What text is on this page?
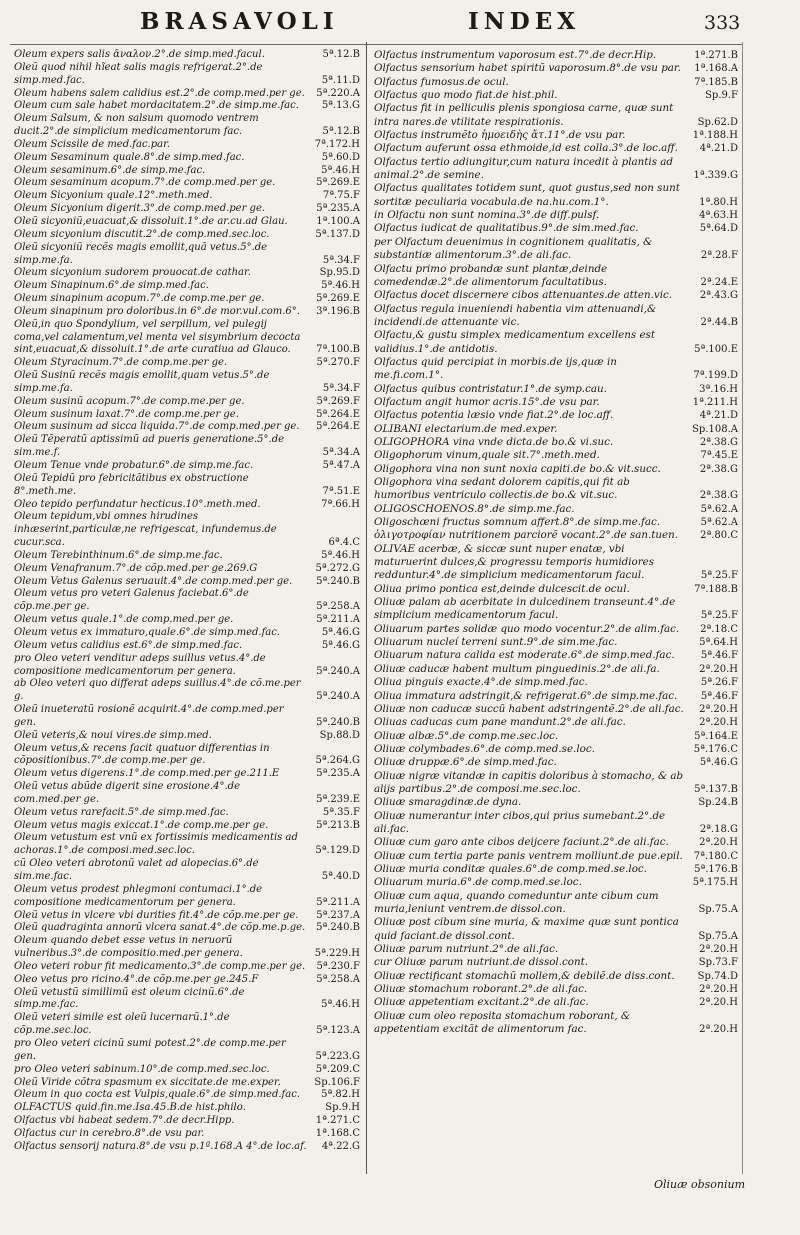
BRASAVOLI	INDEX	333
Oleum expers salis ἄναλον.2°.de simp.med.facul.	5ª.12.B
Oleũ quod nihil hĩeat salis magis refrigerat.2°.de simp.med.fac.	5ª.11.D
Oleum habens salem calidius est.2°.de comp.med.per ge.	5ª.220.A
Oleum cum sale habet mordacitatem.2°.de simp.me.fac.	5ª.13.G
Oleum Salsum, & non salsum quomodo ventrem ducit.2°.de simplicium medicamentorum fac.	5ª.12.B
Oleum Scissile de med.fac.par.	7ª.172.H
Oleum Sesaminum quale.8°.de simp.med.fac.	5ª.60.D
Oleum sesaminum.6°.de simp.me.fac.	5ª.46.H
Oleum sesaminum acopum.7°.de comp.med.per ge.	5ª.269.E
Oleum Sicyonium quale.12°.meth.med.	7ª.75.F
Oleum Sicyonium digerit.3°.de comp.med.per ge.	5ª.235.A
Oleũ sicyoniũ,euacuat,& dissoluit.1°.de ar.cu.ad Glau.	1ª.100.A
Oleum sicyonium discutit.2°.de comp.med.sec.loc.	5ª.137.D
Oleũ sicyoniũ recẽs magis emollit,quã vetus.5°.de simp.me.fa.	5ª.34.F
Oleum sicyonium sudorem prouocat.de cathar.	Sp.95.D
Oleum Sinapinum.6°.de simp.med.fac.	5ª.46.H
Oleum sinapinum acopum.7°.de comp.me.per ge.	5ª.269.E
Oleum sinapinum pro doloribus.in 6°.de mor.vul.com.6°.	3ª.196.B
Oleũ,in quo Spondylium, vel serpillum, vel pulegij coma,vel calamentum,vel menta vel sisymbrium decocta sint,euacuat,& dissoluit.1°.de arte curatiua ad Glauco.	7ª.100.B
Oleum Styracinum.7°.de comp.me.per ge.	5ª.270.F
Oleũ Susinũ recẽs magis emollit,quam vetus.5°.de simp.me.fa.	5ª.34.F
Oleum susinũ acopum.7°.de comp.me.per ge.	5ª.269.F
Oleum susinum laxat.7°.de comp.me.per ge.	5ª.264.E
Oleum susinum ad sicca liquida.7°.de comp.med.per ge.	5ª.264.E
Oleũ Tẽperatũ aptissimũ ad pueris generatione.5°.de sim.me.f.	5ª.34.A
Oleum Tenue vnde probatur.6°.de simp.me.fac.	5ª.47.A
Oleũ Tepidũ pro febricitãtibus ex obstructione 8°.meth.me.	7ª.51.E
Oleo tepido perfundatur hecticus.10°.meth.med.	7ª.66.H
Oleum tepidum,vbi omnes hirudines inhæserint,particulæ,ne refrigescat, infundemus.de cucur.sca.	6ª.4.C
Oleum Terebinthinum.6°.de simp.me.fac.	5ª.46.H
Oleum Venafranum.7°.de cõp.med.per ge.269.G	5ª.272.G
Oleum Vetus Galenus seruauit.4°.de comp.med.per ge.	5ª.240.B
Oleum vetus pro veteri Galenus faciebat.6°.de cõp.me.per ge.	5ª.258.A
Oleum vetus quale.1°.de comp.med.per ge.	5ª.211.A
Oleum vetus ex immaturo,quale.6°.de simp.med.fac.	5ª.46.G
Oleum vetus calidius est.6°.de simp.med.fac.	5ª.46.G
pro Oleo veteri venditur adeps suillus vetus.4°.de compositione medicamentorum per genera.	5ª.240.A
ab Oleo veteri quo differat adeps suillus.4°.de cõ.me.per g.	5ª.240.A
Oleũ inueteratũ rosionẽ acquirit.4°.de comp.med.per gen.	5ª.240.B
Oleũ veteris,& noui vires.de simp.med.	Sp.88.D
Oleum vetus,& recens facit quatuor differentias in cõpositionibus.7°.de comp.me.per ge.	5ª.264.G
Oleum vetus digerens.1°.de comp.med.per ge.211.E	5ª.235.A
Oleũ vetus abũde digerit sine erosione.4°.de com.med.per ge.	5ª.239.E
Oleum vetus rarefacit.5°.de simp.med.fac.	5ª.35.F
Oleum vetus magis exiccat.1°.de comp.me.per ge.	5ª.213.B
Oleum vetustum est vnũ ex fortissimis medicamentis ad achoras.1°.de composi.med.sec.loc.	5ª.129.D
cũ Oleo veteri abrotonũ valet ad alopecias.6°.de sim.me.fac.	5ª.40.D
Oleum vetus prodest phlegmoni contumaci.1°.de compositione medicamentorum per genera.	5ª.211.A
Oleũ vetus in vlcere vbi durities fit.4°.de cõp.me.per ge.	5ª.237.A
Oleũ quadraginta annorũ vlcera sanat.4°.de cõp.me.p.ge.	5ª.240.B
Oleum quando debet esse vetus in neruorũ vulneribus.3°.de compositio.med.per genera.	5ª.229.H
Oleo veteri robur fit medicamento.3°.de comp.me.per ge.	5ª.230.F
Oleo vetus pro ricino.4°.de cõp.me.per ge.245.F	5ª.258.A
Oleũ vetustũ simillimũ est oleum cicinũ.6°.de simp.me.fac.	5ª.46.H
Oleũ veteri simile est oleũ lucernarũ.1°.de cõp.me.sec.loc.	5ª.123.A
pro Oleo veteri cicinũ sumi potest.2°.de comp.me.per gen.	5ª.223.G
pro Oleo veteri sabinum.10°.de comp.med.sec.loc.	5ª.209.C
Oleũ Viride cõtra spasmum ex siccitate.de me.exper.	Sp.106.F
Oleum in quo cocta est Vulpis,quale.6°.de simp.med.fac.	5ª.82.H
OLFACTUS quid.fin.me.Isa.45.B.de hist.philo.	Sp.9.H
Olfactus vbi habeat sedem.7°.de decr.Hipp.	1ª.271.C
Olfactus cur in cerebro.8°.de vsu par.	1ª.168.C
Olfactus sensorij natura.8°.de vsu p.1ª.168.A 4°.de loc.af.	4ª.22.G
Olfactus instrumentum vaporosum est.7°.de decr.Hip.	1ª.271.B
Olfactus sensorium habet spiritũ vaporosum.8°.de vsu par.	1ª.168.A
Olfactus fumosus.de ocul.	7ª.185.B
Olfactus quo modo fiat.de hist.phil.	Sp.9.F
Olfactus fit in pelliculis plenis spongiosa carne, quæ sunt intra nares.de vtilitate respirationis.	Sp.62.D
Olfactus instrumẽto ἡμοειδὴς ἄτ.11°.de vsu par.	1ª.188.H
Olfactum auferunt ossa ethmoide,id est colla.3°.de loc.aff.	4ª.21.D
Olfactus tertio adiungitur,cum natura incedit à plantis ad animal.2°.de semine.	1ª.339.G
Olfactus qualitates totidem sunt, quot gustus,sed non sunt sortitæ peculiaria vocabula.de na.hu.com.1°.	1ª.80.H
in Olfactu non sunt nomina.3°.de diff.pulsf.	4ª.63.H
Olfactus iudicat de qualitatibus.9°.de sim.med.fac.	5ª.64.D
per Olfactum deuenimus in cognitionem qualitatis, & substantiæ alimentorum.3°.de ali.fac.	2ª.28.F
Olfactu primo probandæ sunt plantæ,deinde comedendæ.2°.de alimentorum facultatibus.	2ª.24.E
Olfactus docet discernere cibos attenuantes.de atten.vic.	2ª.43.G
Olfactus regula inueniendi habentia vim attenuandi,& incidendi.de attenuante vic.	2ª.44.B
Olfactu,& gustu simplex medicamentum excellens est validius.1°.de antidotis.	5ª.100.E
Olfactus quid percipiat in morbis.de ijs,quæ in me.fi.com.1°.	7ª.199.D
Olfactus quibus contristatur.1°.de symp.cau.	3ª.16.H
Olfactum angit humor acris.15°.de vsu par.	1ª.211.H
Olfactus potentia læsio vnde fiat.2°.de loc.aff.	4ª.21.D
OLIBANI electarium.de med.exper.	Sp.108.A
OLIGOPHORA vina vnde dicta.de bo.& vi.suc.	2ª.38.G
Oligophorum vinum,quale sit.7°.meth.med.	7ª.45.E
Oligophora vina non sunt noxia capiti.de bo.& vit.succ.	2ª.38.G
Oligophora vina sedant dolorem capitis,qui fit ab humoribus ventriculo collectis.de bo.& vit.suc.	2ª.38.G
OLIGOSCHOENOS.8°.de simp.me.fac.	5ª.62.A
Oligoschœni fructus somnum affert.8°.de simp.me.fac.	5ª.62.A
ὀλιγοτροφίαν nutritionem parciorẽ vocant.2°.de san.tuen.	2ª.80.C
OLIVAE acerbæ, & siccæ sunt nuper enatæ, vbi maturuerint dulces,& progressu temporis humidiores redduntur.4°.de simplicium medicamentorum facul.	5ª.25.F
Oliua primo pontica est,deinde dulcescit.de ocul.	7ª.188.B
Oliuæ palam ab acerbitate in dulcedinem transeunt.4°.de simplicium medicamentorum facul.	5ª.25.F
Oliuarum partes solidæ quo modo vocentur.2°.de alim.fac.	2ª.18.C
Oliuarum nucleí terreni sunt.9°.de sim.me.fac.	5ª.64.H
Oliuarum natura calida est moderate.6°.de simp.med.fac.	5ª.46.F
Oliuæ caducæ habent multum pinguedinis.2°.de ali.fa.	2ª.20.H
Oliua pinguis exacte.4°.de simp.med.fac.	5ª.26.F
Oliua immatura adstringit,& refrigerat.6°.de simp.me.fac.	5ª.46.F
Oliuæ non caducæ succũ habent adstringentẽ.2°.de ali.fac.	2ª.20.H
Oliuas caducas cum pane mandunt.2°.de ali.fac.	2ª.20.H
Oliuæ albæ.5°.de comp.me.sec.loc.	5ª.164.E
Oliuæ colymbades.6°.de comp.med.se.loc.	5ª.176.C
Oliuæ druppæ.6°.de simp.med.fac.	5ª.46.G
Oliuæ nigræ vitandæ in capitis doloribus à stomacho, & ab alijs partibus.2°.de composi.me.sec.loc.	5ª.137.B
Oliuæ smaragdinæ.de dyna.	Sp.24.B
Oliuæ numerantur inter cibos,qui prius sumebant.2°.de ali.fac.	2ª.18.G
Oliuæ cum garo ante cibos deijcere faciunt.2°.de ali.fac.	2ª.20.H
Oliuæ cum tertia parte panis ventrem molliunt.de pue.epil.	7ª.180.C
Oliuæ muria conditæ quales.6°.de comp.med.se.loc.	5ª.176.B
Oliuarum muria.6°.de comp.med.se.loc.	5ª.175.H
Oliuæ cum aqua, quando comeduntur ante cibum cum muria,leniunt ventrem.de dissol.con.	Sp.75.A
Oliuæ post cibum sine muria, & maxime quæ sunt pontica quid faciant.de dissol.cont.	Sp.75.A
Oliuæ parum nutriunt.2°.de ali.fac.	2ª.20.H
cur Oliuæ parum nutriunt.de dissol.cont.	Sp.73.F
Oliuæ rectificant stomachũ mollem,& debilẽ.de diss.cont.	Sp.74.D
Oliuæ stomachum roborant.2°.de ali.fac.	2ª.20.H
Oliuæ appetentiam excitant.2°.de ali.fac.	2ª.20.H
Oliuæ cum oleo reposita stomachum roborant, & appetentiam excitãt de alimentorum fac.	2ª.20.H
Oliuæ obsonium
